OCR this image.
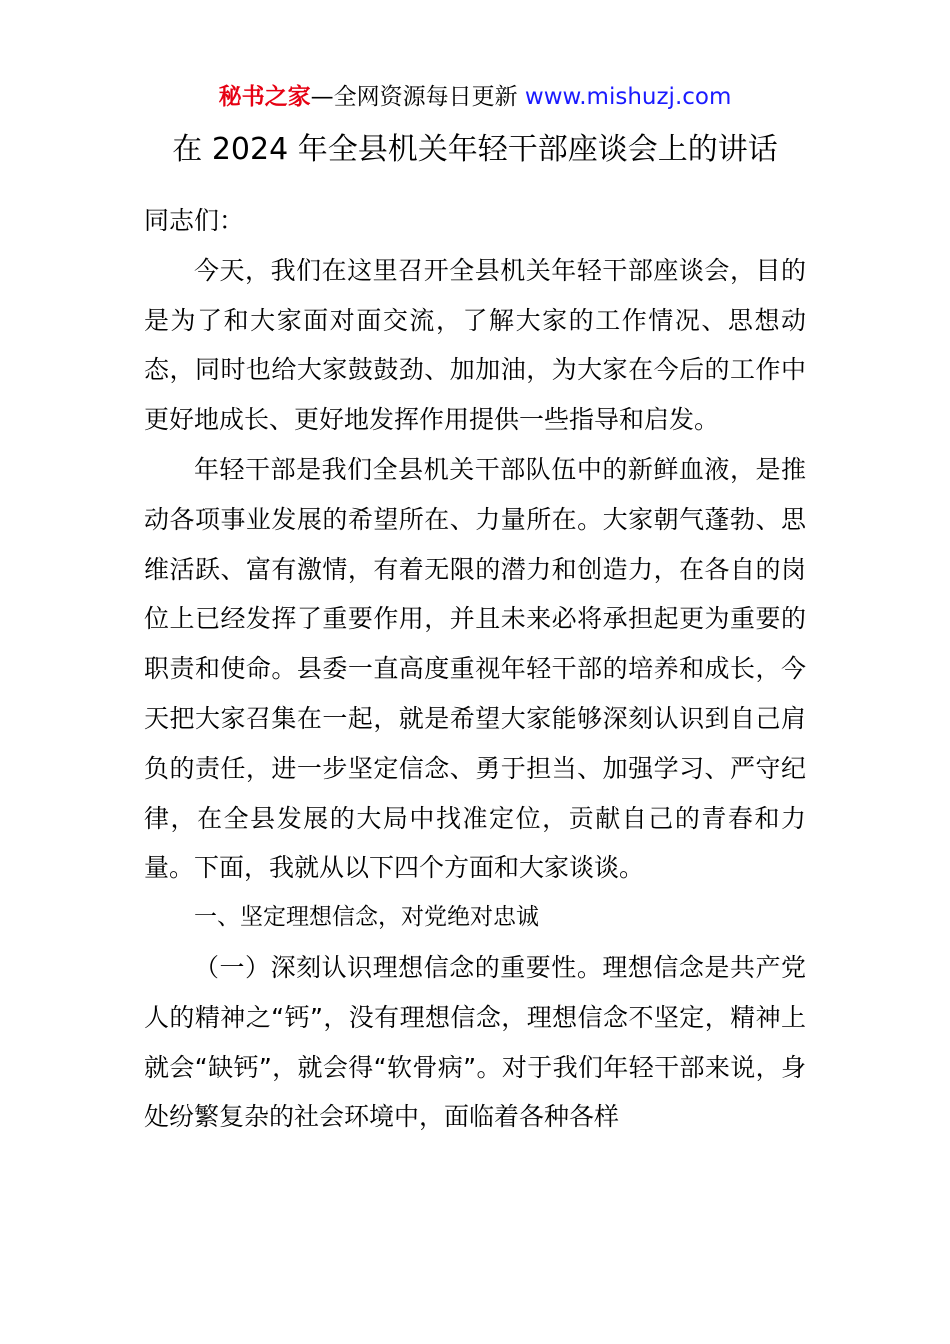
秘书之家—全网资源每日更新 www.mishuzj.com
在 2024 年全县机关年轻干部座谈会上的讲话

同志们：

今天，我们在这里召开全县机关年轻干部座谈会，目的是为了和大家面对面交流，了解大家的工作情况、思想动态，同时也给大家鼓鼓劲、加加油，为大家在今后的工作中更好地成长、更好地发挥作用提供一些指导和启发。

年轻干部是我们全县机关干部队伍中的新鲜血液，是推动各项事业发展的希望所在、力量所在。大家朝气蓬勃、思维活跃、富有激情，有着无限的潜力和创造力，在各自的岗位上已经发挥了重要作用，并且未来必将承担起更为重要的职责和使命。县委一直高度重视年轻干部的培养和成长，今天把大家召集在一起，就是希望大家能够深刻认识到自己肩负的责任，进一步坚定信念、勇于担当、加强学习、严守纪律，在全县发展的大局中找准定位，贡献自己的青春和力量。下面，我就从以下四个方面和大家谈谈。

一、坚定理想信念，对党绝对忠诚

（一）深刻认识理想信念的重要性。理想信念是共产党人的精神之“钙”，没有理想信念，理想信念不坚定，精神上就会“缺钙”，就会得“软骨病”。对于我们年轻干部来说，身处纷繁复杂的社会环境中，面临着各种各样
